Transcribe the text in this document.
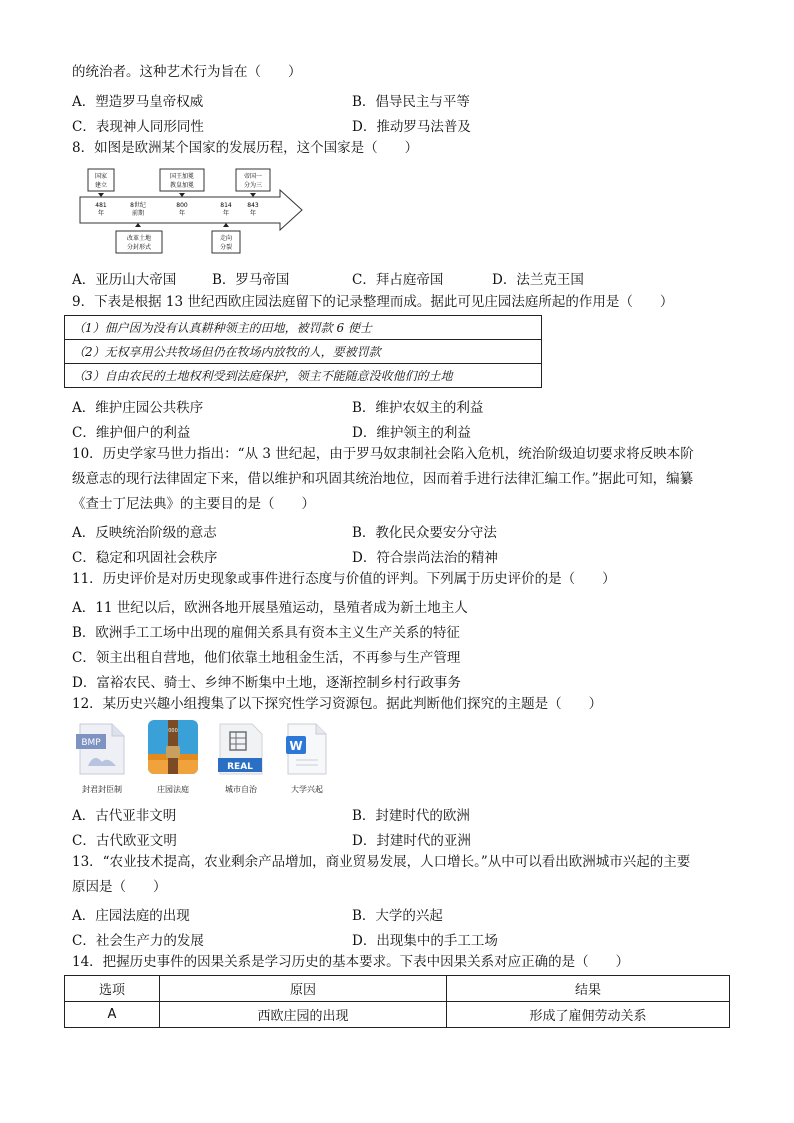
的统治者。这种艺术行为旨在（　　）
A．塑造罗马皇帝权威	B．倡导民主与平等
C．表现神人同形同性	D．推动罗马法普及
8．如图是欧洲某个国家的发展历程，这个国家是（　　）
国家
建立
国王加冕
教皇加冕
帝国一
分为三
481
年
8世纪
前期
800
年
814
年
843
年
改革土地
分封形式
走向
分裂
A．亚历山大帝国	B．罗马帝国	C．拜占庭帝国	D．法兰克王国
9．下表是根据 13 世纪西欧庄园法庭留下的记录整理而成。据此可见庄园法庭所起的作用是（　　）
（1）佃户因为没有认真耕种领主的田地，被罚款 6 便士
（2）无权享用公共牧场但仍在牧场内放牧的人，要被罚款
（3）自由农民的土地权利受到法庭保护，领主不能随意没收他们的土地
A．维护庄园公共秩序	B．维护农奴主的利益
C．维护佃户的利益	D．维护领主的利益
10．历史学家马世力指出：“从 3 世纪起，由于罗马奴隶制社会陷入危机，统治阶级迫切要求将反映本阶
级意志的现行法律固定下来，借以维护和巩固其统治地位，因而着手进行法律汇编工作。”据此可知，编纂
《查士丁尼法典》的主要目的是（　　）
A．反映统治阶级的意志	B．教化民众要安分守法
C．稳定和巩固社会秩序	D．符合崇尚法治的精神
11．历史评价是对历史现象或事件进行态度与价值的评判。下列属于历史评价的是（　　）
A．11 世纪以后，欧洲各地开展垦殖运动，垦殖者成为新土地主人
B．欧洲手工工场中出现的雇佣关系具有资本主义生产关系的特征
C．领主出租自营地，他们依靠土地租金生活，不再参与生产管理
D．富裕农民、骑士、乡绅不断集中土地，逐渐控制乡村行政事务
12．某历史兴趣小组搜集了以下探究性学习资源包。据此判断他们探究的主题是（　　）
BMP
封君封臣制
000
庄园法庭
REAL
城市自治
W
大学兴起
A．古代亚非文明	B．封建时代的欧洲
C．古代欧亚文明	D．封建时代的亚洲
13．“农业技术提高，农业剩余产品增加，商业贸易发展，人口增长。”从中可以看出欧洲城市兴起的主要
原因是（　　）
A．庄园法庭的出现	B．大学的兴起
C．社会生产力的发展	D．出现集中的手工工场
14．把握历史事件的因果关系是学习历史的基本要求。下表中因果关系对应正确的是（　　）
选项	原因	结果
A	西欧庄园的出现	形成了雇佣劳动关系
